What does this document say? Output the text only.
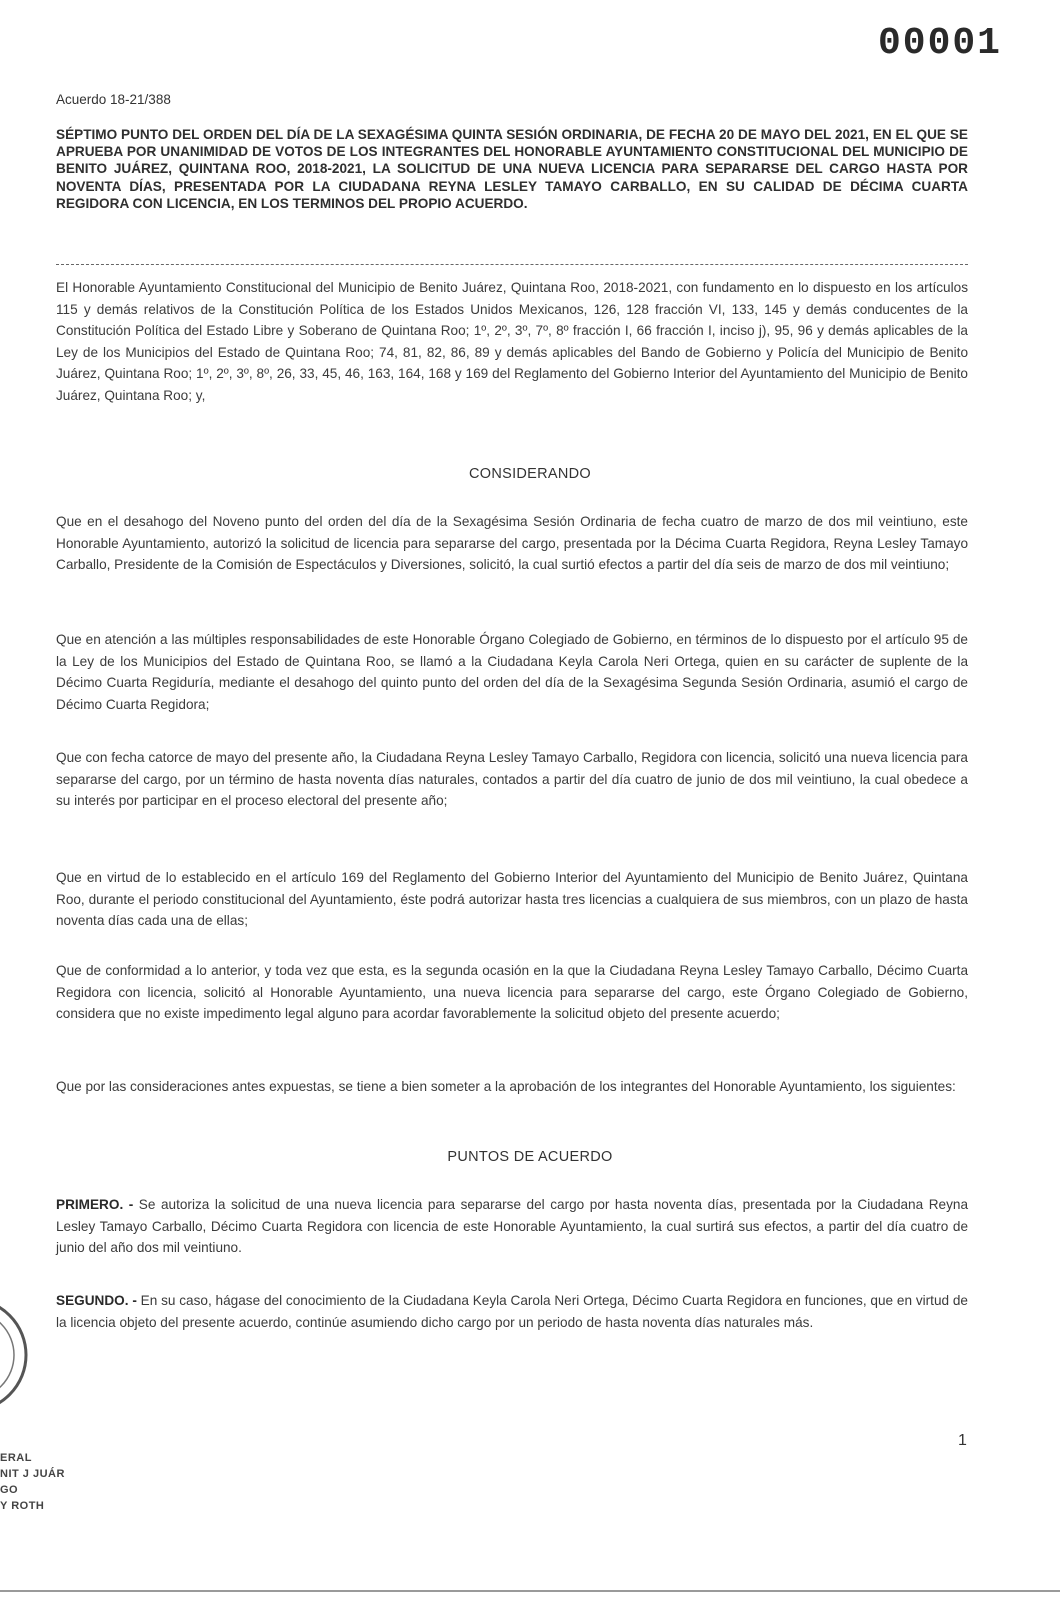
00001
Acuerdo 18-21/388
SÉPTIMO PUNTO DEL ORDEN DEL DÍA DE LA SEXAGÉSIMA QUINTA SESIÓN ORDINARIA, DE FECHA 20 DE MAYO DEL 2021, EN EL QUE SE APRUEBA POR UNANIMIDAD DE VOTOS DE LOS INTEGRANTES DEL HONORABLE AYUNTAMIENTO CONSTITUCIONAL DEL MUNICIPIO DE BENITO JUÁREZ, QUINTANA ROO, 2018-2021, LA SOLICITUD DE UNA NUEVA LICENCIA PARA SEPARARSE DEL CARGO HASTA POR NOVENTA DÍAS, PRESENTADA POR LA CIUDADANA REYNA LESLEY TAMAYO CARBALLO, EN SU CALIDAD DE DÉCIMA CUARTA REGIDORA CON LICENCIA, EN LOS TERMINOS DEL PROPIO ACUERDO.
El Honorable Ayuntamiento Constitucional del Municipio de Benito Juárez, Quintana Roo, 2018-2021, con fundamento en lo dispuesto en los artículos 115 y demás relativos de la Constitución Política de los Estados Unidos Mexicanos, 126, 128 fracción VI, 133, 145 y demás conducentes de la Constitución Política del Estado Libre y Soberano de Quintana Roo; 1º, 2º, 3º, 7º, 8º fracción I, 66 fracción I, inciso j), 95, 96 y demás aplicables de la Ley de los Municipios del Estado de Quintana Roo; 74, 81, 82, 86, 89 y demás aplicables del Bando de Gobierno y Policía del Municipio de Benito Juárez, Quintana Roo; 1º, 2º, 3º, 8º, 26, 33, 45, 46, 163, 164, 168 y 169 del Reglamento del Gobierno Interior del Ayuntamiento del Municipio de Benito Juárez, Quintana Roo; y,
CONSIDERANDO
Que en el desahogo del Noveno punto del orden del día de la Sexagésima Sesión Ordinaria de fecha cuatro de marzo de dos mil veintiuno, este Honorable Ayuntamiento, autorizó la solicitud de licencia para separarse del cargo, presentada por la Décima Cuarta Regidora, Reyna Lesley Tamayo Carballo, Presidente de la Comisión de Espectáculos y Diversiones, solicitó, la cual surtió efectos a partir del día seis de marzo de dos mil veintiuno;
Que en atención a las múltiples responsabilidades de este Honorable Órgano Colegiado de Gobierno, en términos de lo dispuesto por el artículo 95 de la Ley de los Municipios del Estado de Quintana Roo, se llamó a la Ciudadana Keyla Carola Neri Ortega, quien en su carácter de suplente de la Décimo Cuarta Regiduría, mediante el desahogo del quinto punto del orden del día de la Sexagésima Segunda Sesión Ordinaria, asumió el cargo de Décimo Cuarta Regidora;
Que con fecha catorce de mayo del presente año, la Ciudadana Reyna Lesley Tamayo Carballo, Regidora con licencia, solicitó una nueva licencia para separarse del cargo, por un término de hasta noventa días naturales, contados a partir del día cuatro de junio de dos mil veintiuno, la cual obedece a su interés por participar en el proceso electoral del presente año;
Que en virtud de lo establecido en el artículo 169 del Reglamento del Gobierno Interior del Ayuntamiento del Municipio de Benito Juárez, Quintana Roo, durante el periodo constitucional del Ayuntamiento, éste podrá autorizar hasta tres licencias a cualquiera de sus miembros, con un plazo de hasta noventa días cada una de ellas;
Que de conformidad a lo anterior, y toda vez que esta, es la segunda ocasión en la que la Ciudadana Reyna Lesley Tamayo Carballo, Décimo Cuarta Regidora con licencia, solicitó al Honorable Ayuntamiento, una nueva licencia para separarse del cargo, este Órgano Colegiado de Gobierno, considera que no existe impedimento legal alguno para acordar favorablemente la solicitud objeto del presente acuerdo;
Que por las consideraciones antes expuestas, se tiene a bien someter a la aprobación de los integrantes del Honorable Ayuntamiento, los siguientes:
PUNTOS DE ACUERDO
PRIMERO. - Se autoriza la solicitud de una nueva licencia para separarse del cargo por hasta noventa días, presentada por la Ciudadana Reyna Lesley Tamayo Carballo, Décimo Cuarta Regidora con licencia de este Honorable Ayuntamiento, la cual surtirá sus efectos, a partir del día cuatro de junio del año dos mil veintiuno.
SEGUNDO. - En su caso, hágase del conocimiento de la Ciudadana Keyla Carola Neri Ortega, Décimo Cuarta Regidora en funciones, que en virtud de la licencia objeto del presente acuerdo, continúe asumiendo dicho cargo por un periodo de hasta noventa días naturales más.
ERAL
NIT J JUÁR
GO
Y ROTH
1
